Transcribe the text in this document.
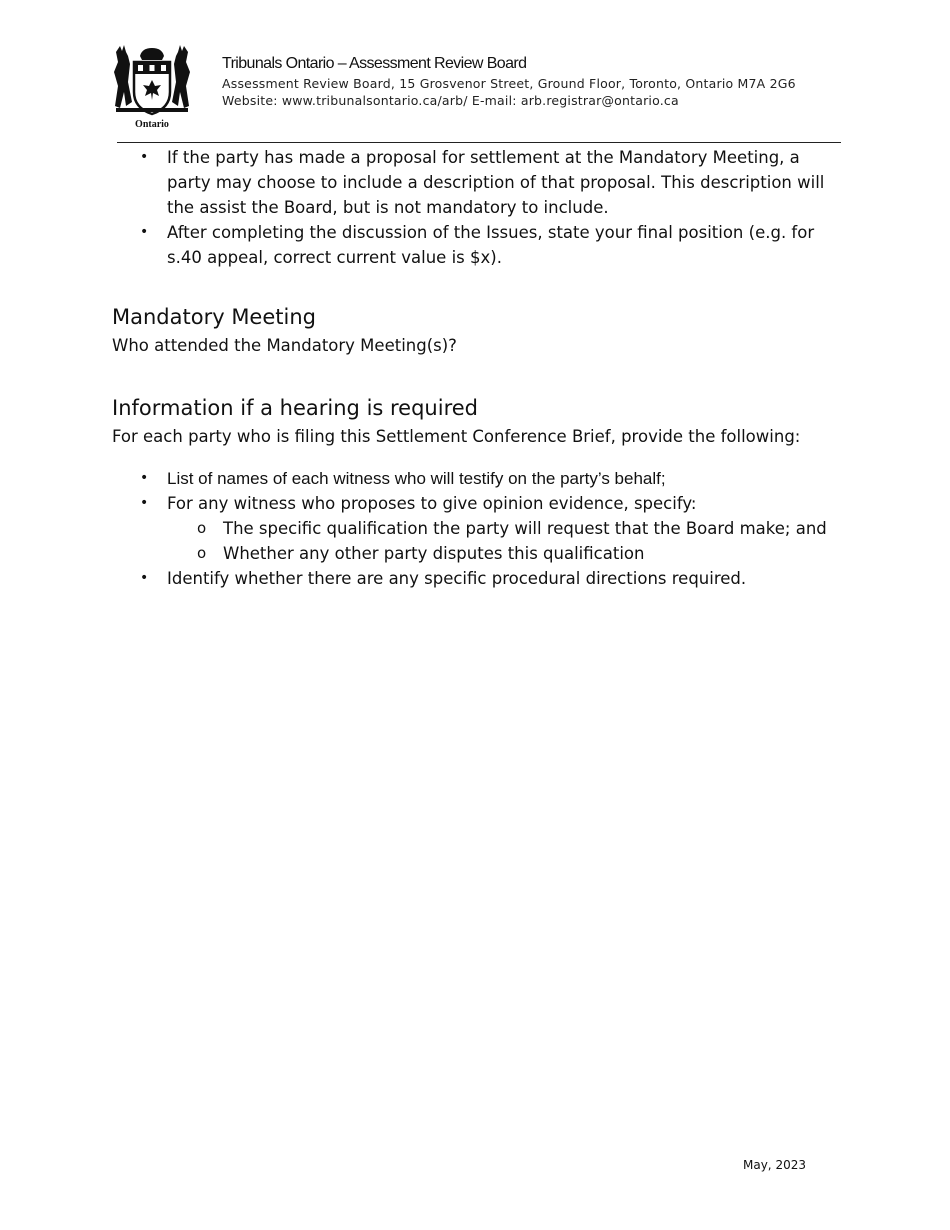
Ontario
Tribunals Ontario – Assessment Review Board
Assessment Review Board, 15 Grosvenor Street, Ground Floor, Toronto, Ontario M7A 2G6
Website: www.tribunalsontario.ca/arb/ E-mail: arb.registrar@ontario.ca
• If the party has made a proposal for settlement at the Mandatory Meeting, a party may choose to include a description of that proposal. This description will the assist the Board, but is not mandatory to include.
• After completing the discussion of the Issues, state your final position (e.g. for s.40 appeal, correct current value is $x).
Mandatory Meeting
Who attended the Mandatory Meeting(s)?
Information if a hearing is required
For each party who is filing this Settlement Conference Brief, provide the following:
• List of names of each witness who will testify on the party’s behalf;
• For any witness who proposes to give opinion evidence, specify:
o The specific qualification the party will request that the Board make; and
o Whether any other party disputes this qualification
• Identify whether there are any specific procedural directions required.
May, 2023
